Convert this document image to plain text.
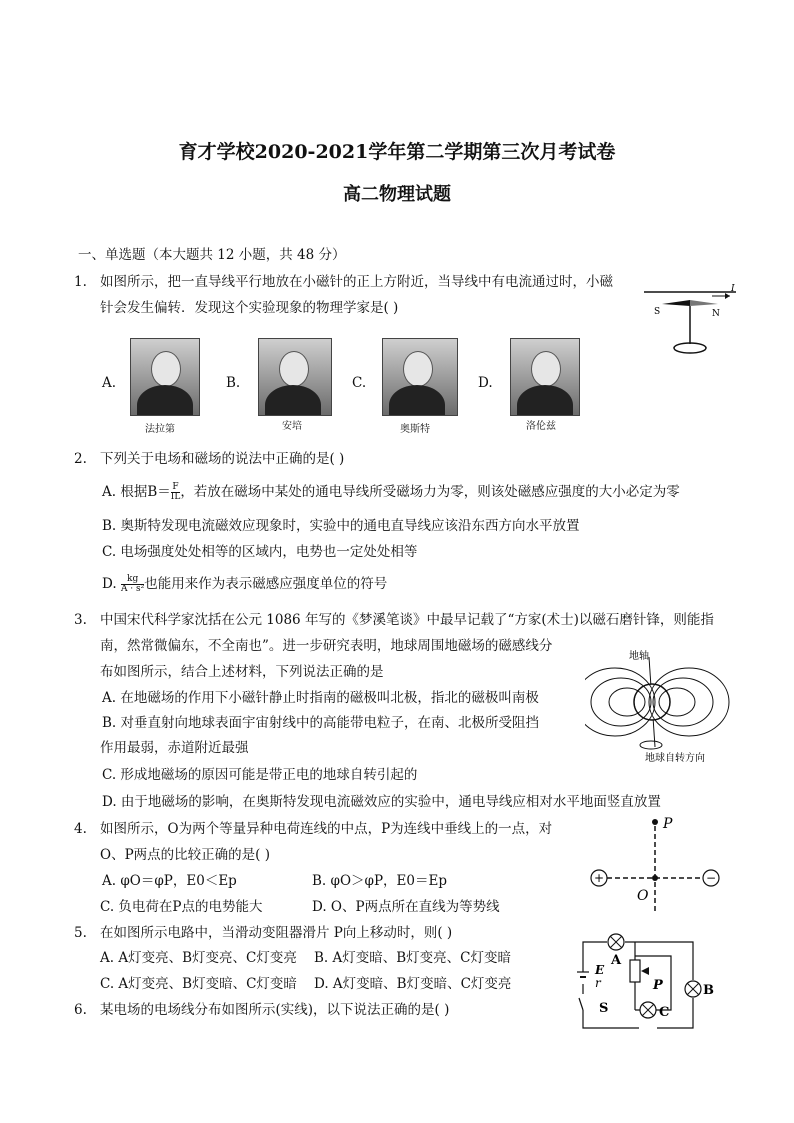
育才学校2020-2021学年第二学期第三次月考试卷
高二物理试题
一、单选题（本大题共 12 小题，共 48 分）
1. 如图所示，把一直导线平行地放在小磁针的正上方附近，当导线中有电流通过时，小磁
针会发生偏转．发现这个实验现象的物理学家是( )
I
S	N
A.
法拉第
B.
安培
C.
奥斯特
D.
洛伦兹
2. 下列关于电场和磁场的说法中正确的是( )
A. 根据$B= \frac{F}{IL}$ ，若放在磁场中某处的通电导线所受磁场力为零，则该处磁感应强度的大小必定为零
B. 奥斯特发现电流磁效应现象时，实验中的通电直导线应该沿东西方向水平放置
C. 电场强度处处相等的区域内，电势也一定处处相等
D. $\frac{kg}{\text{A · s²}}$ 也能用来作为表示磁感应强度单位的符号
3. 中国宋代科学家沈括在公元 1086 年写的《梦溪笔谈》中最早记载了“方家(术士)以磁石磨针锋，则能指
南，然常微偏东，不全南也”。进一步研究表明，地球周围地磁场的磁感线分
布如图所示，结合上述材料，下列说法正确的是
A. 在地磁场的作用下小磁针静止时指南的磁极叫北极，指北的磁极叫南极
B. 对垂直射向地球表面宇宙射线中的高能带电粒子，在南、北极所受阻挡
作用最弱，赤道附近最强
C. 形成地磁场的原因可能是带正电的地球自转引起的
D. 由于地磁场的影响，在奥斯特发现电流磁效应的实验中，通电导线应相对水平地面竖直放置
地轴
地球自转方向
4. 如图所示，O为两个等量异种电荷连线的中点，P为连线中垂线上的一点，对
O、P两点的比较正确的是( )
A. φO＝φP，E0＜Ep	B. φO＞φP，E0＝Ep
C. 负电荷在P点的电势能大	D. O、P两点所在直线为等势线
P
+	−
O
5. 在如图所示电路中，当滑动变阻器滑片 P向上移动时，则( )
A. A灯变亮、B灯变亮、C灯变亮 B. A灯变暗、B灯变亮、C灯变暗
C. A灯变亮、B灯变暗、C灯变暗 D. A灯变暗、B灯变暗、C灯变亮
A
B
C
P
E
r
S
6. 某电场的电场线分布如图所示(实线)，以下说法正确的是( )
